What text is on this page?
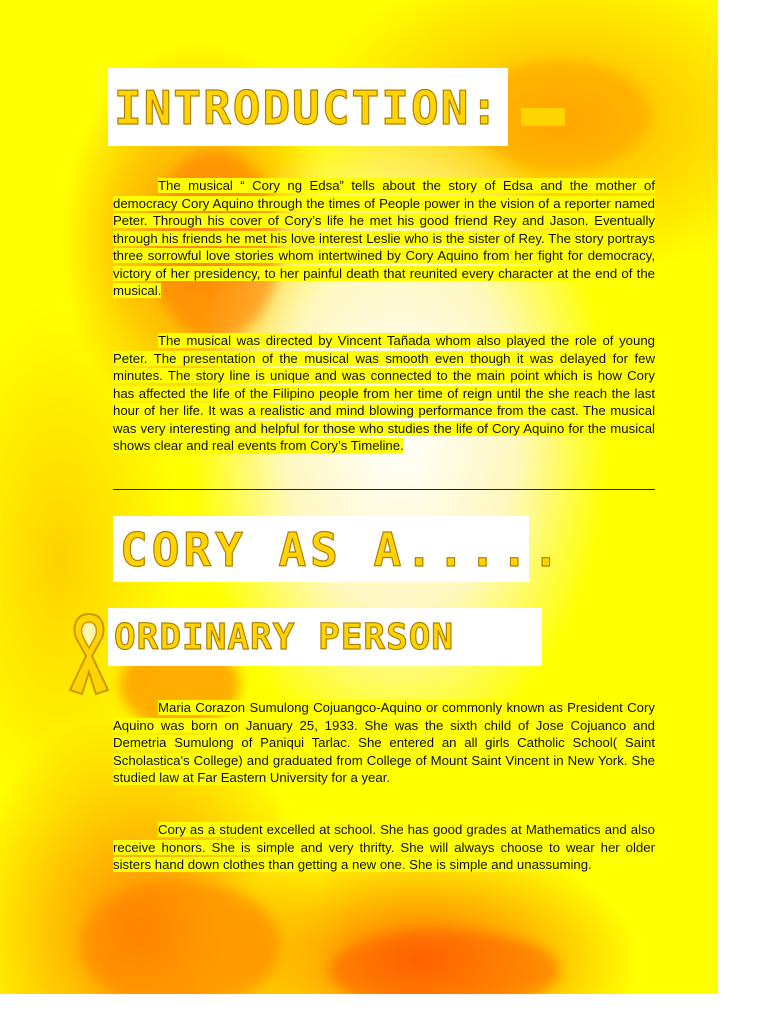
INTRODUCTION:

The musical “ Cory ng Edsa” tells about the story of Edsa and the mother of democracy Cory Aquino through the times of People power in the vision of a reporter named Peter. Through his cover of Cory’s life he met his good friend Rey and Jason. Eventually through his friends he met his love interest Leslie who is the sister of Rey. The story portrays three sorrowful love stories whom intertwined by Cory Aquino from her fight for democracy, victory of her presidency, to her painful death that reunited every character at the end of the musical.

The musical was directed by Vincent Tañada whom also played the role of young Peter. The presentation of the musical was smooth even though it was delayed for few minutes. The story line is unique and was connected to the main point which is how Cory has affected the life of the Filipino people from her time of reign until the she reach the last hour of her life. It was a realistic and mind blowing performance from the cast. The musical was very interesting and helpful for those who studies the life of Cory Aquino for the musical shows clear and real events from Cory’s Timeline.

CORY AS A.....
ORDINARY PERSON

Maria Corazon Sumulong Cojuangco-Aquino or commonly known as President Cory Aquino was born on January 25, 1933. She was the sixth child of Jose Cojuanco and Demetria Sumulong of Paniqui Tarlac. She entered an all girls Catholic School( Saint Scholastica's College) and graduated from College of Mount Saint Vincent in New York. She studied law at Far Eastern University for a year.

Cory as a student excelled at school. She has good grades at Mathematics and also receive honors. She is simple and very thrifty. She will always choose to wear her older sisters hand down clothes than getting a new one. She is simple and unassuming.
